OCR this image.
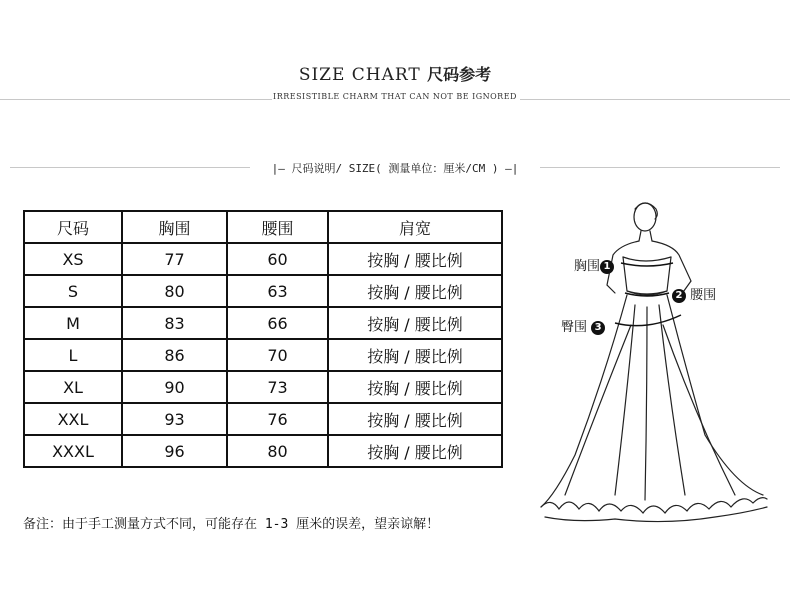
SIZE CHART 尺码参考
IRRESISTIBLE CHARM THAT CAN NOT BE IGNORED
|— 尺码说明/ SIZE( 测量单位：厘米/CM ) —|
尺码	胸围	腰围	肩宽
XS	77	60	按胸 / 腰比例
S	80	63	按胸 / 腰比例
M	83	66	按胸 / 腰比例
L	86	70	按胸 / 腰比例
XL	90	73	按胸 / 腰比例
XXL	93	76	按胸 / 腰比例
XXXL	96	80	按胸 / 腰比例
备注：由于手工测量方式不同，可能存在 1-3 厘米的误差，望亲谅解！
胸围 1
2 腰围
臀围 3
